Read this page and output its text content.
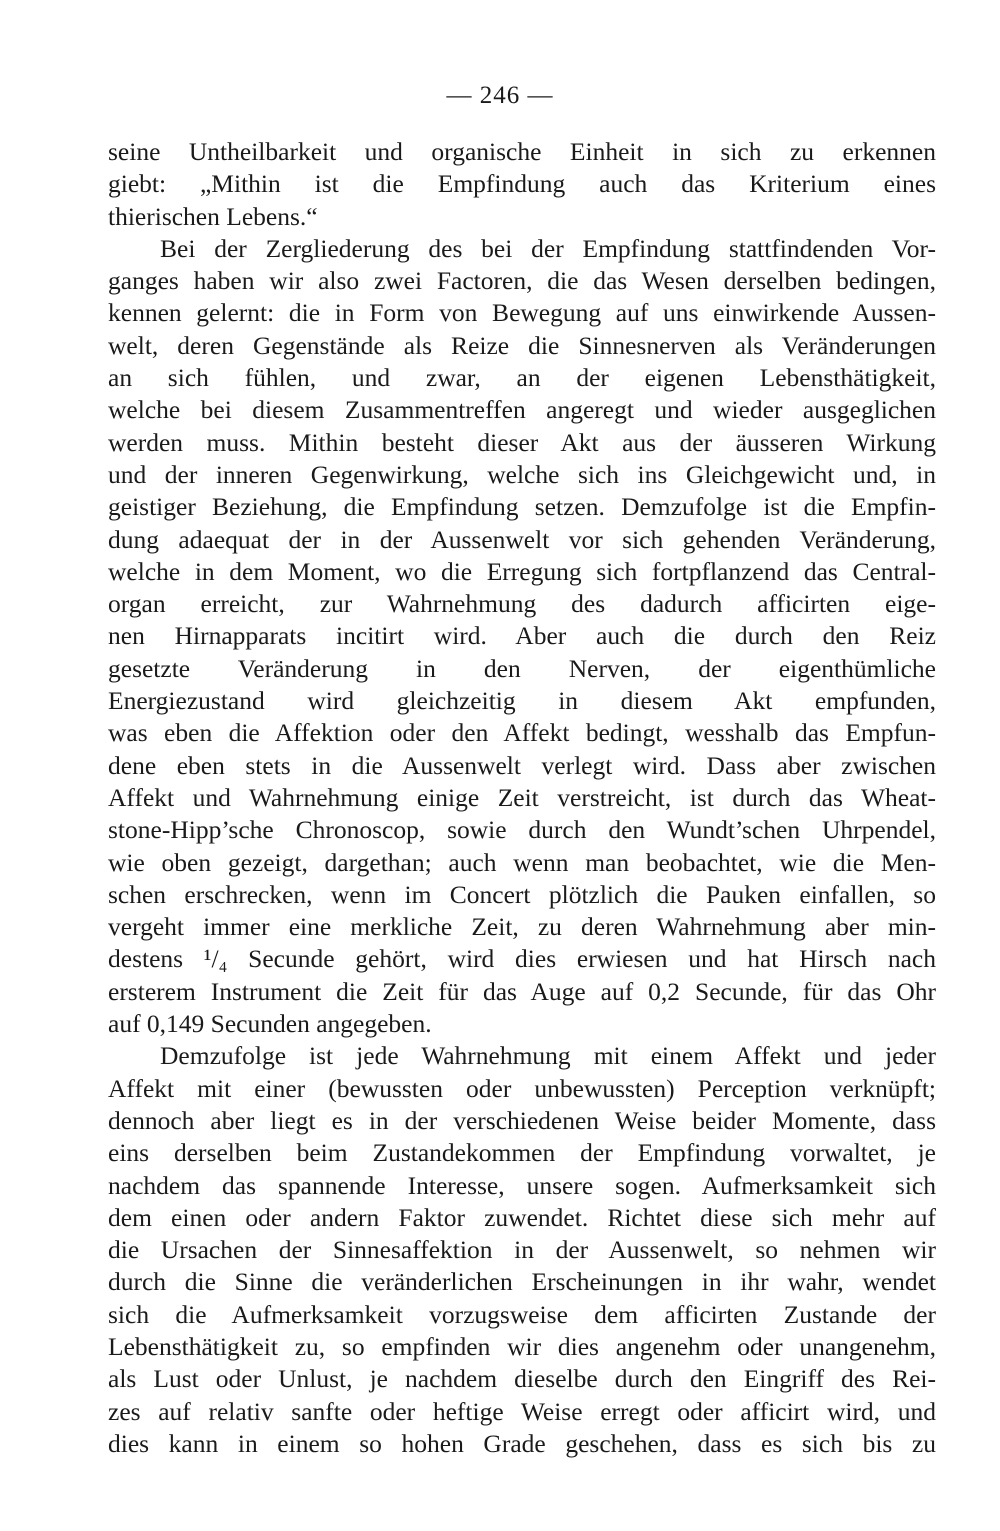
— 246 —
seine Untheilbarkeit und organische Einheit in sich zu erkennen
giebt: „Mithin ist die Empfindung auch das Kriterium eines
thierischen Lebens.“
Bei der Zergliederung des bei der Empfindung stattfindenden Vor-
ganges haben wir also zwei Factoren, die das Wesen derselben bedingen,
kennen gelernt: die in Form von Bewegung auf uns einwirkende Aussen-
welt, deren Gegenstände als Reize die Sinnesnerven als Veränderungen
an sich fühlen, und zwar, an der eigenen Lebensthätigkeit,
welche bei diesem Zusammentreffen angeregt und wieder ausgeglichen
werden muss. Mithin besteht dieser Akt aus der äusseren Wirkung
und der inneren Gegenwirkung, welche sich ins Gleichgewicht und, in
geistiger Beziehung, die Empfindung setzen. Demzufolge ist die Empfin-
dung adaequat der in der Aussenwelt vor sich gehenden Veränderung,
welche in dem Moment, wo die Erregung sich fortpflanzend das Central-
organ erreicht, zur Wahrnehmung des dadurch afficirten eige-
nen Hirnapparats incitirt wird. Aber auch die durch den Reiz
gesetzte Veränderung in den Nerven, der eigenthümliche
Energiezustand wird gleichzeitig in diesem Akt empfunden,
was eben die Affektion oder den Affekt bedingt, wesshalb das Empfun-
dene eben stets in die Aussenwelt verlegt wird. Dass aber zwischen
Affekt und Wahrnehmung einige Zeit verstreicht, ist durch das Wheat-
stone-Hipp’sche Chronoscop, sowie durch den Wundt’schen Uhrpendel,
wie oben gezeigt, dargethan; auch wenn man beobachtet, wie die Men-
schen erschrecken, wenn im Concert plötzlich die Pauken einfallen, so
vergeht immer eine merkliche Zeit, zu deren Wahrnehmung aber min-
destens ¹/₄ Secunde gehört, wird dies erwiesen und hat Hirsch nach
ersterem Instrument die Zeit für das Auge auf 0,2 Secunde, für das Ohr
auf 0,149 Secunden angegeben.
Demzufolge ist jede Wahrnehmung mit einem Affekt und jeder
Affekt mit einer (bewussten oder unbewussten) Perception verknüpft;
dennoch aber liegt es in der verschiedenen Weise beider Momente, dass
eins derselben beim Zustandekommen der Empfindung vorwaltet, je
nachdem das spannende Interesse, unsere sogen. Aufmerksamkeit sich
dem einen oder andern Faktor zuwendet. Richtet diese sich mehr auf
die Ursachen der Sinnesaffektion in der Aussenwelt, so nehmen wir
durch die Sinne die veränderlichen Erscheinungen in ihr wahr, wendet
sich die Aufmerksamkeit vorzugsweise dem afficirten Zustande der
Lebensthätigkeit zu, so empfinden wir dies angenehm oder unangenehm,
als Lust oder Unlust, je nachdem dieselbe durch den Eingriff des Rei-
zes auf relativ sanfte oder heftige Weise erregt oder afficirt wird, und
dies kann in einem so hohen Grade geschehen, dass es sich bis zu
